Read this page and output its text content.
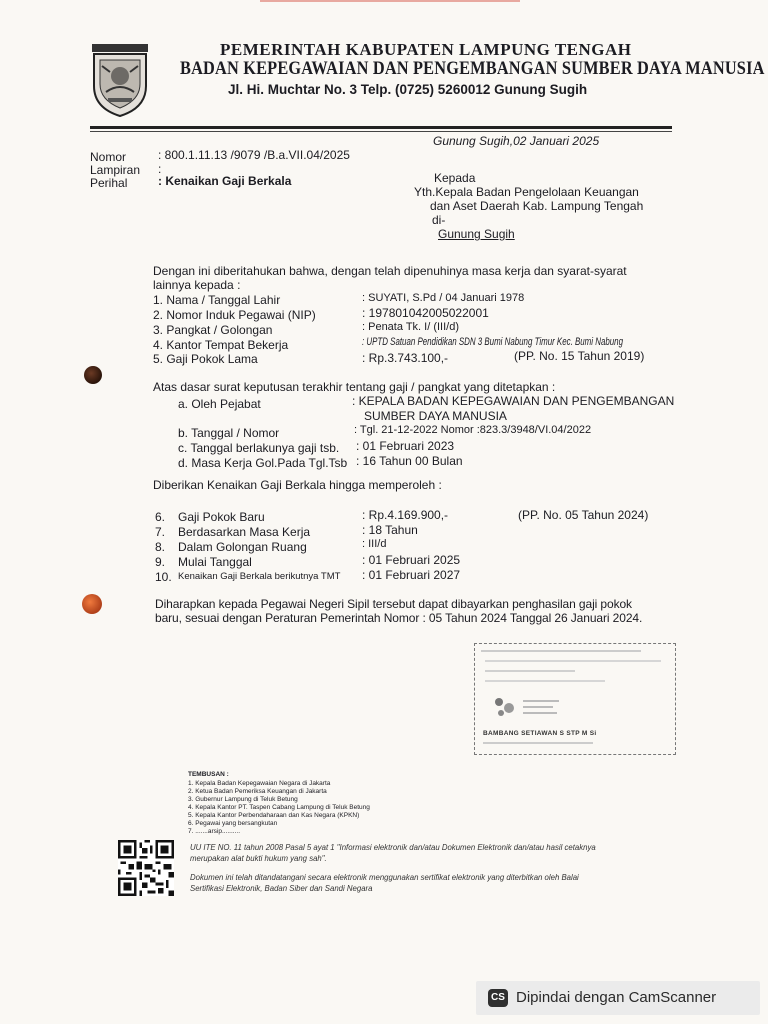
PEMERINTAH KABUPATEN LAMPUNG TENGAH
BADAN KEPEGAWAIAN DAN PENGEMBANGAN SUMBER DAYA MANUSIA
Jl. Hi. Muchtar No. 3 Telp. (0725) 5260012 Gunung Sugih
Gunung Sugih,02 Januari 2025
Nomor	: 800.1.11.13 /9079 /B.a.VII.04/2025
Lampiran :
Perihal	: Kenaikan Gaji Berkala	Kepada
Yth.Kepala Badan Pengelolaan Keuangan
dan Aset Daerah Kab. Lampung Tengah
di-
Gunung Sugih
Dengan ini diberitahukan bahwa, dengan telah dipenuhinya masa kerja dan syarat-syarat
lainnya kepada :
1. Nama / Tanggal Lahir	: SUYATI, S.Pd / 04 Januari 1978
2. Nomor Induk Pegawai (NIP)	: 197801042005022001
3. Pangkat / Golongan	: Penata Tk. I/ (III/d)
4. Kantor Tempat Bekerja	: UPTD Satuan Pendidikan SDN 3 Bumi Nabung Timur Kec. Bumi Nabung
5. Gaji Pokok Lama	: Rp.3.743.100,-	(PP. No. 15 Tahun 2019)
Atas dasar surat keputusan terakhir tentang gaji / pangkat yang ditetapkan :
a. Oleh Pejabat	: KEPALA BADAN KEPEGAWAIAN DAN PENGEMBANGAN
SUMBER DAYA MANUSIA
b. Tanggal / Nomor	: Tgl. 21-12-2022 Nomor :823.3/3948/VI.04/2022
c. Tanggal berlakunya gaji tsb. : 01 Februari 2023
d. Masa Kerja Gol.Pada Tgl.Tsb : 16 Tahun 00 Bulan
Diberikan Kenaikan Gaji Berkala hingga memperoleh :
6. Gaji Pokok Baru	: Rp.4.169.900,-	(PP. No. 05 Tahun 2024)
7. Berdasarkan Masa Kerja	: 18 Tahun
8. Dalam Golongan Ruang	: III/d
9. Mulai Tanggal	: 01 Februari 2025
10. Kenaikan Gaji Berkala berikutnya TMT : 01 Februari 2027
Diharapkan kepada Pegawai Negeri Sipil tersebut dapat dibayarkan penghasilan gaji pokok
baru, sesuai dengan Peraturan Pemerintah Nomor : 05 Tahun 2024 Tanggal 26 Januari 2024.
BAMBANG SETIAWAN S STP M Si
TEMBUSAN :
1. Kepala Badan Kepegawaian Negara di Jakarta
2. Ketua Badan Pemeriksa Keuangan di Jakarta
3. Gubernur Lampung di Teluk Betung
4. Kepala Kantor PT. Taspen Cabang Lampung di Teluk Betung
5. Kepala Kantor Perbendaharaan dan Kas Negara (KPKN)
6. Pegawai yang bersangkutan
7. .......arsip..........
UU ITE NO. 11 tahun 2008 Pasal 5 ayat 1 "Informasi elektronik dan/atau Dokumen Elektronik dan/atau hasil cetaknya
merupakan alat bukti hukum yang sah".
Dokumen ini telah ditandatangani secara elektronik menggunakan sertifikat elektronik yang diterbitkan oleh Balai
Sertifikasi Elektronik, Badan Siber dan Sandi Negara
CS Dipindai dengan CamScanner
